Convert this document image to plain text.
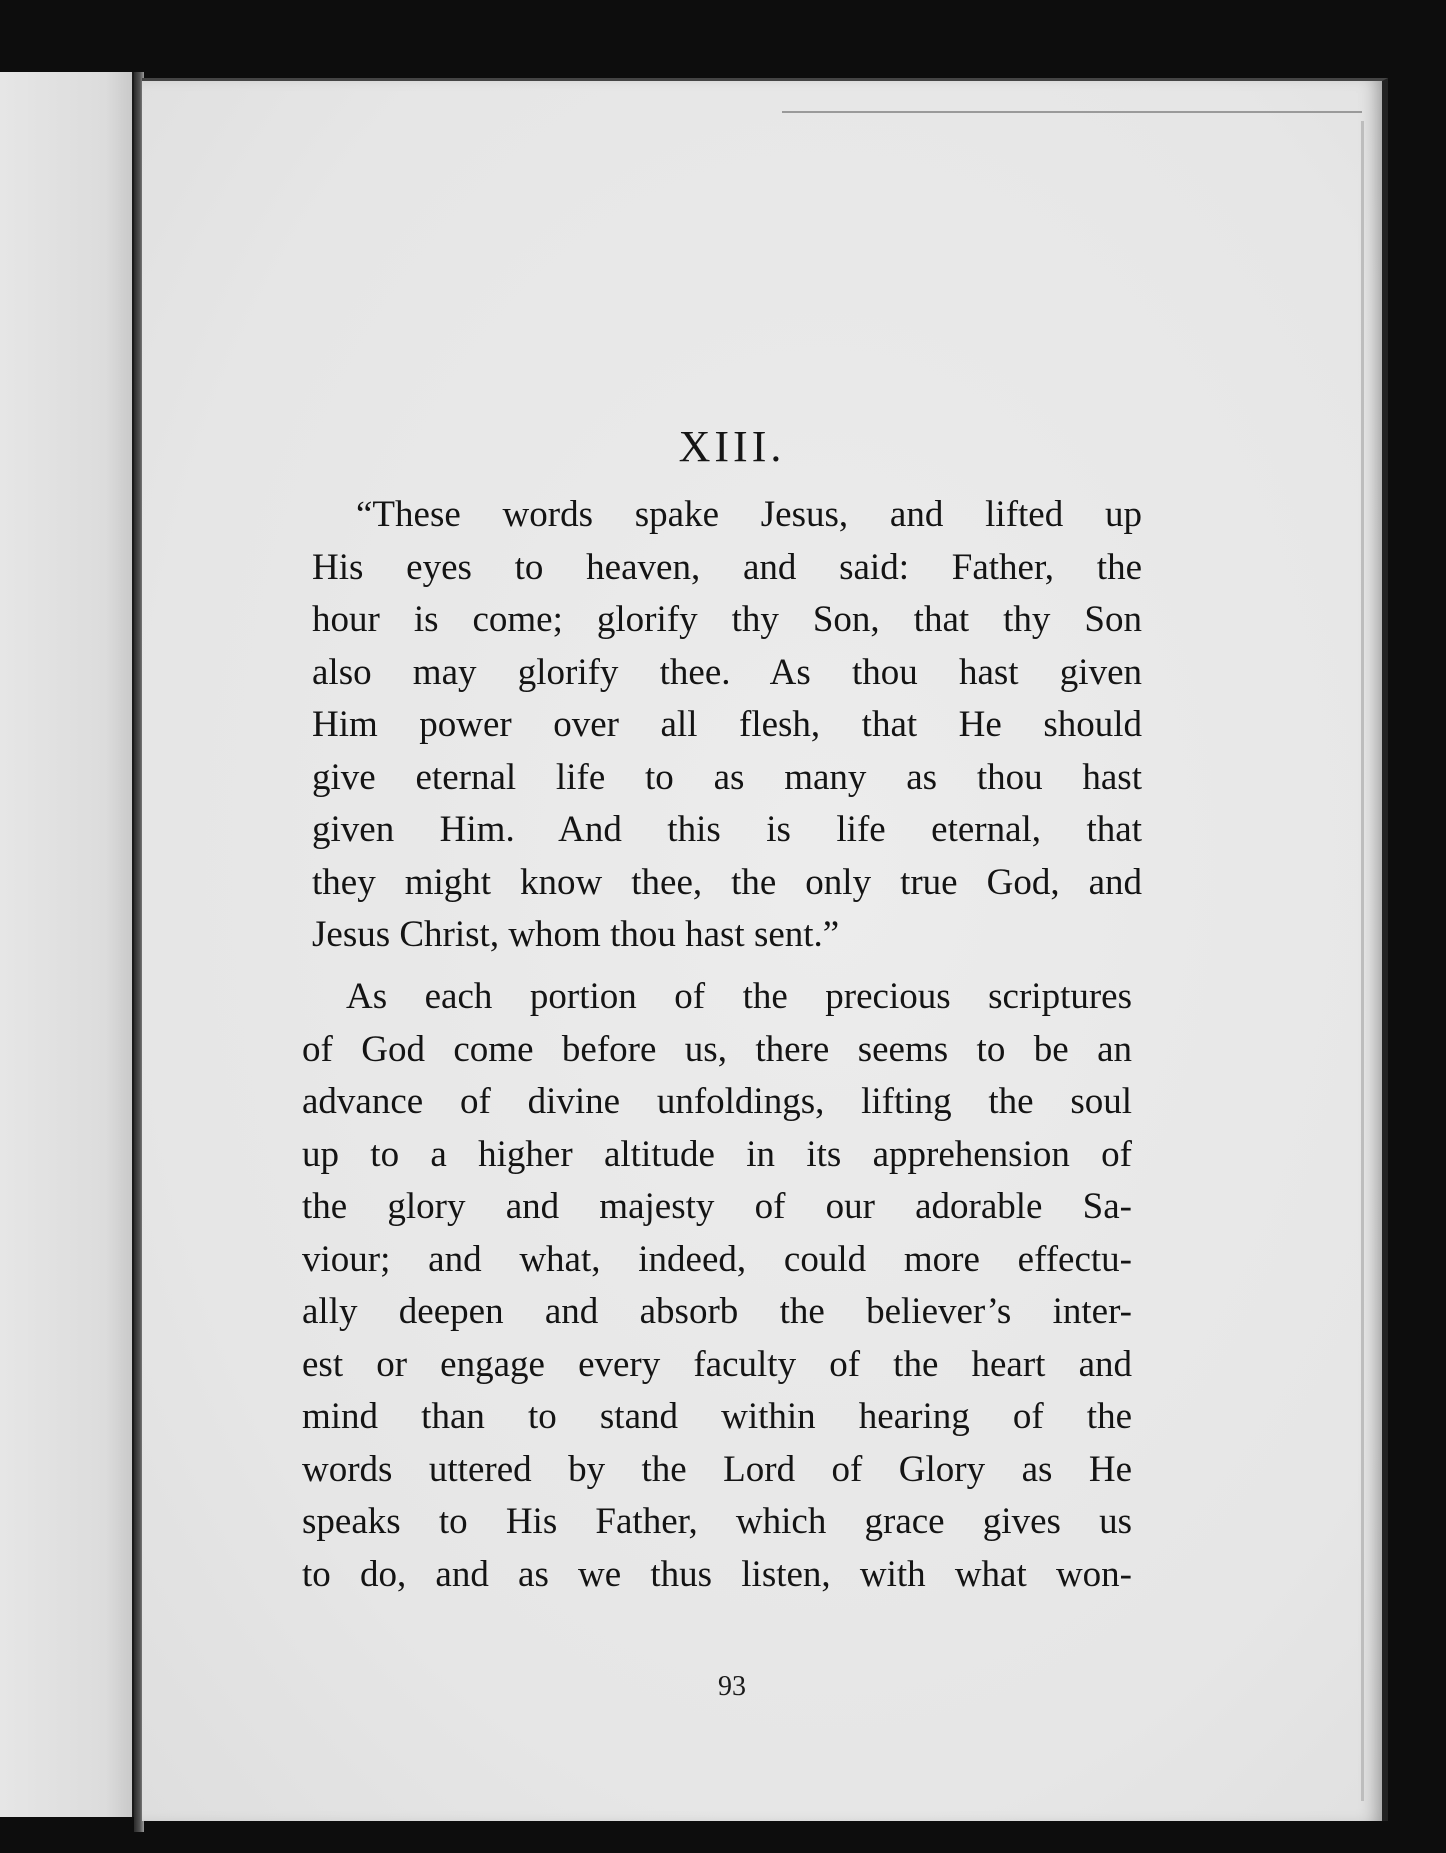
XIII.
“These words spake Jesus, and lifted up
His eyes to heaven, and said: Father, the
hour is come; glorify thy Son, that thy Son
also may glorify thee. As thou hast given
Him power over all flesh, that He should
give eternal life to as many as thou hast
given Him. And this is life eternal, that
they might know thee, the only true God, and
Jesus Christ, whom thou hast sent.”
As each portion of the precious scriptures
of God come before us, there seems to be an
advance of divine unfoldings, lifting the soul
up to a higher altitude in its apprehension of
the glory and majesty of our adorable Sa-
viour; and what, indeed, could more effectu-
ally deepen and absorb the believer’s inter-
est or engage every faculty of the heart and
mind than to stand within hearing of the
words uttered by the Lord of Glory as He
speaks to His Father, which grace gives us
to do, and as we thus listen, with what won-
93
